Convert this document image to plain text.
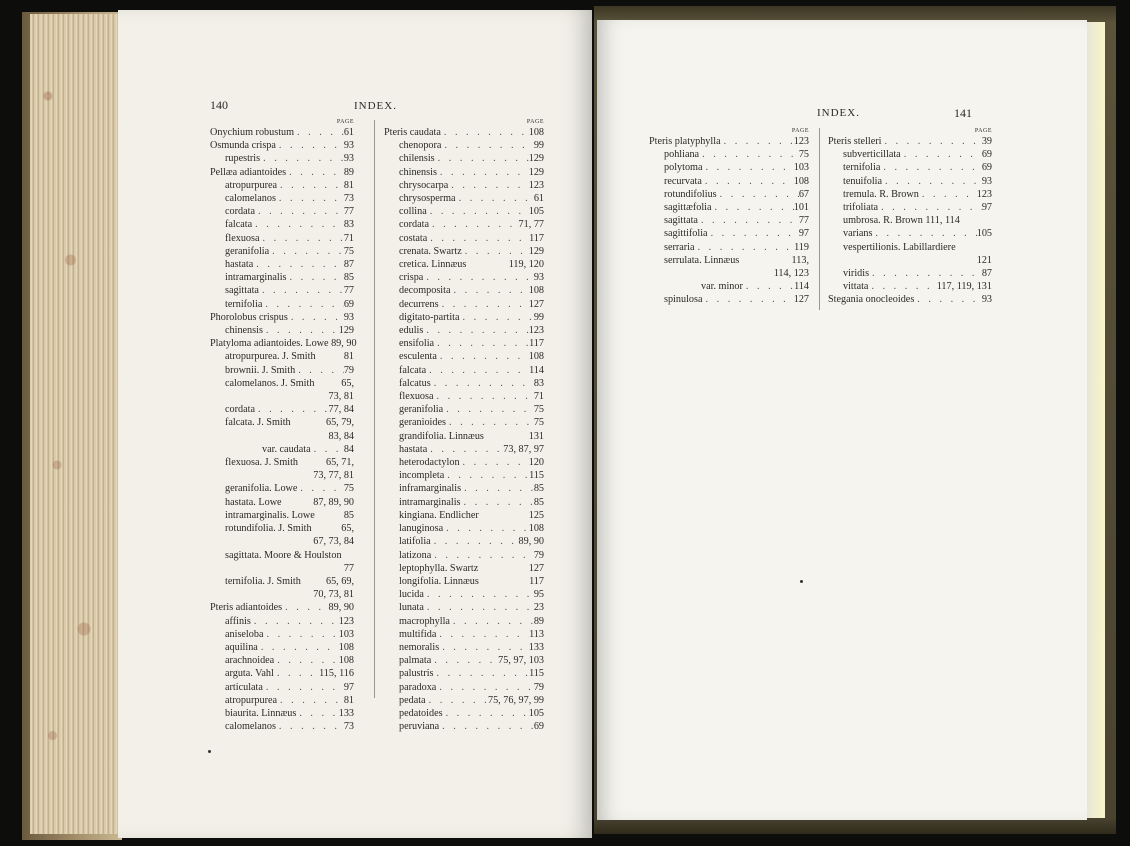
140	INDEX.
PAGE
Onychium robustum . . .	61
Osmunda crispa . . .	93
rupestris . . .	93
Pellæa adiantoides . . .	89
atropurpurea . . .	81
calomelanos . . .	73
cordata . . .	77
falcata . . .	83
flexuosa . . .	71
geranifolia . . .	75
hastata . . .	87
intramarginalis . . .	85
sagittata . . .	77
ternifolia . . .	69
Phorolobus crispus . . .	93
chinensis . . .	129
Platyloma adiantoides. Lowe 89, 90
atropurpurea. J. Smith	81
brownii. J. Smith . . .	79
calomelanos. J. Smith	65,
73, 81
cordata . . .	77, 84
falcata. J. Smith	65, 79,
83, 84
var. caudata . . .	84
flexuosa. J. Smith	65, 71,
73, 77, 81
geranifolia. Lowe . . .	75
hastata. Lowe	87, 89, 90
intramarginalis. Lowe	85
rotundifolia. J. Smith	65,
67, 73, 84
sagittata. Moore & Houlston
77
ternifolia. J. Smith 65, 69,
70, 73, 81
Pteris adiantoides . . .	89, 90
affinis . . .	123
aniseloba . . .	103
aquilina . . .	108
arachnoidea . . .	108
arguta. Vahl . . .	115, 116
articulata . . .	97
atropurpurea . . .	81
biaurita. Linnæus . . .	133
calomelanos . . .	73
PAGE
Pteris caudata . . .	108
chenopora . . .	99
chilensis . . .	129
chinensis . . .	129
chrysocarpa . . .	123
chrysosperma . . .	61
collina . . .	105
cordata . . .	71, 77
costata . . .	117
crenata. Swartz . . .	129
cretica. Linnæus	119, 120
crispa . . .	93
decomposita . . .	108
decurrens . . .	127
digitato-partita . . .	99
edulis . . .	123
ensifolia . . .	117
esculenta . . .	108
falcata . . .	114
falcatus . . .	83
flexuosa . . .	71
geranifolia . . .	75
geranioides . . .	75
grandifolia. Linnæus	131
hastata . . .	73, 87, 97
heterodactylon . . .	120
incompleta . . .	115
inframarginalis . . .	85
intramarginalis . . .	85
kingiana. Endlicher	125
lanuginosa . . .	108
latifolia . . .	89, 90
latizona . . .	79
leptophylla. Swartz	127
longifolia. Linnæus	117
lucida . . .	95
lunata . . .	23
macrophylla . . .	89
multifida . . .	113
nemoralis . . .	133
palmata . . .	75, 97, 103
palustris . . .	115
paradoxa . . .	79
pedata . . .	75, 76, 97, 99
pedatoides . . .	105
peruviana . . .	69
INDEX.	141
PAGE
Pteris platyphylla . . .	123
pohliana . . .	75
polytoma . . .	103
recurvata . . .	108
rotundifolius . . .	67
sagittæfolia . . .	101
sagittata . . .	77
sagittifolia . . .	97
serraria . . .	119
serrulata. Linnæus	113,
114, 123
var. minor . . .	114
spinulosa . . .	127
PAGE
Pteris stelleri . . .	39
subverticillata . . .	69
ternifolia . . .	69
tenuifolia . . .	93
tremula. R. Brown . . .	123
trifoliata . . .	97
umbrosa. R. Brown 111, 114
varians . . .	105
vespertilionis. Labillardiere
121
viridis . . .	87
vittata . . .	117, 119, 131
Stegania onocleoides . . .	93
